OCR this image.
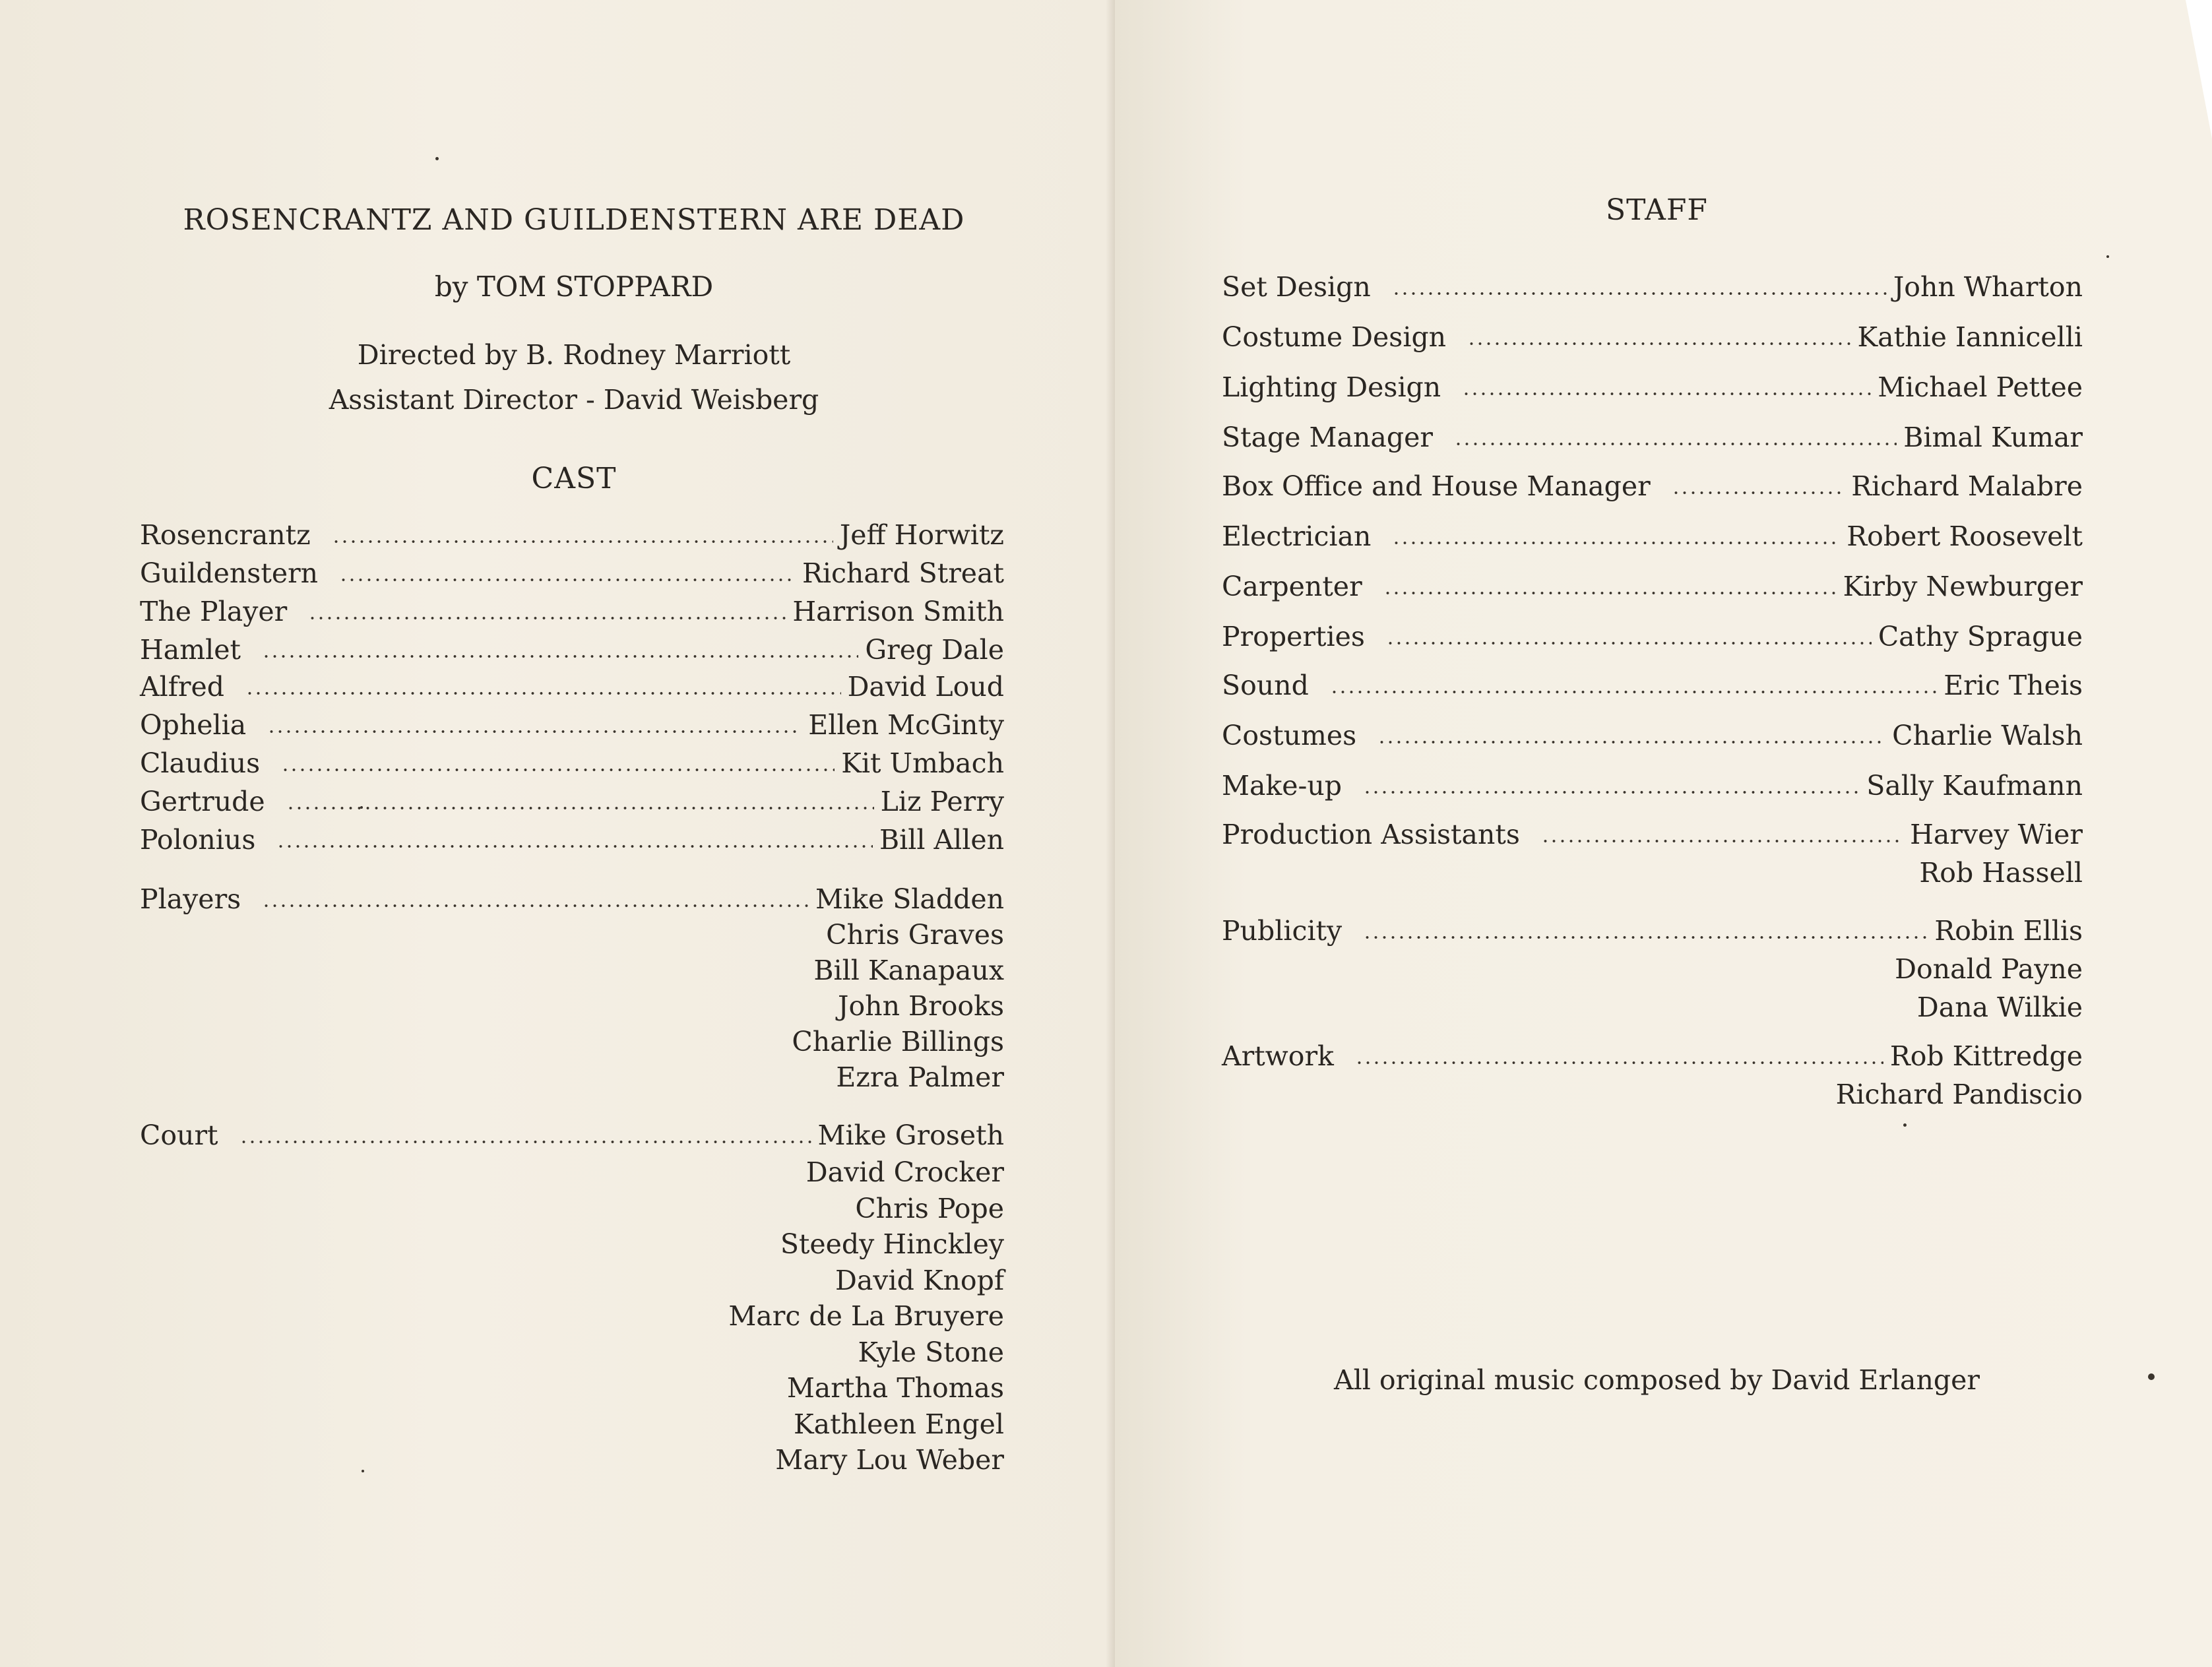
ROSENCRANTZ AND GUILDENSTERN ARE DEAD
by TOM STOPPARD
Directed by B. Rodney Marriott
Assistant Director - David Weisberg
CAST
Rosencrantz	Jeff Horwitz
Guildenstern	Richard Streat
The Player	Harrison Smith
Hamlet	Greg Dale
Alfred	David Loud
Ophelia	Ellen McGinty
Claudius	Kit Umbach
Gertrude	Liz Perry
Polonius	Bill Allen
Players	Mike Sladden
Chris Graves
Bill Kanapaux
John Brooks
Charlie Billings
Ezra Palmer
Court	Mike Groseth
David Crocker
Chris Pope
Steedy Hinckley
David Knopf
Marc de La Bruyere
Kyle Stone
Martha Thomas
Kathleen Engel
Mary Lou Weber
STAFF
Set Design	John Wharton
Costume Design	Kathie Iannicelli
Lighting Design	Michael Pettee
Stage Manager	Bimal Kumar
Box Office and House Manager	Richard Malabre
Electrician	Robert Roosevelt
Carpenter	Kirby Newburger
Properties	Cathy Sprague
Sound	Eric Theis
Costumes	Charlie Walsh
Make-up	Sally Kaufmann
Production Assistants	Harvey Wier
Rob Hassell
Publicity	Robin Ellis
Donald Payne
Dana Wilkie
Artwork	Rob Kittredge
Richard Pandiscio
All original music composed by David Erlanger
